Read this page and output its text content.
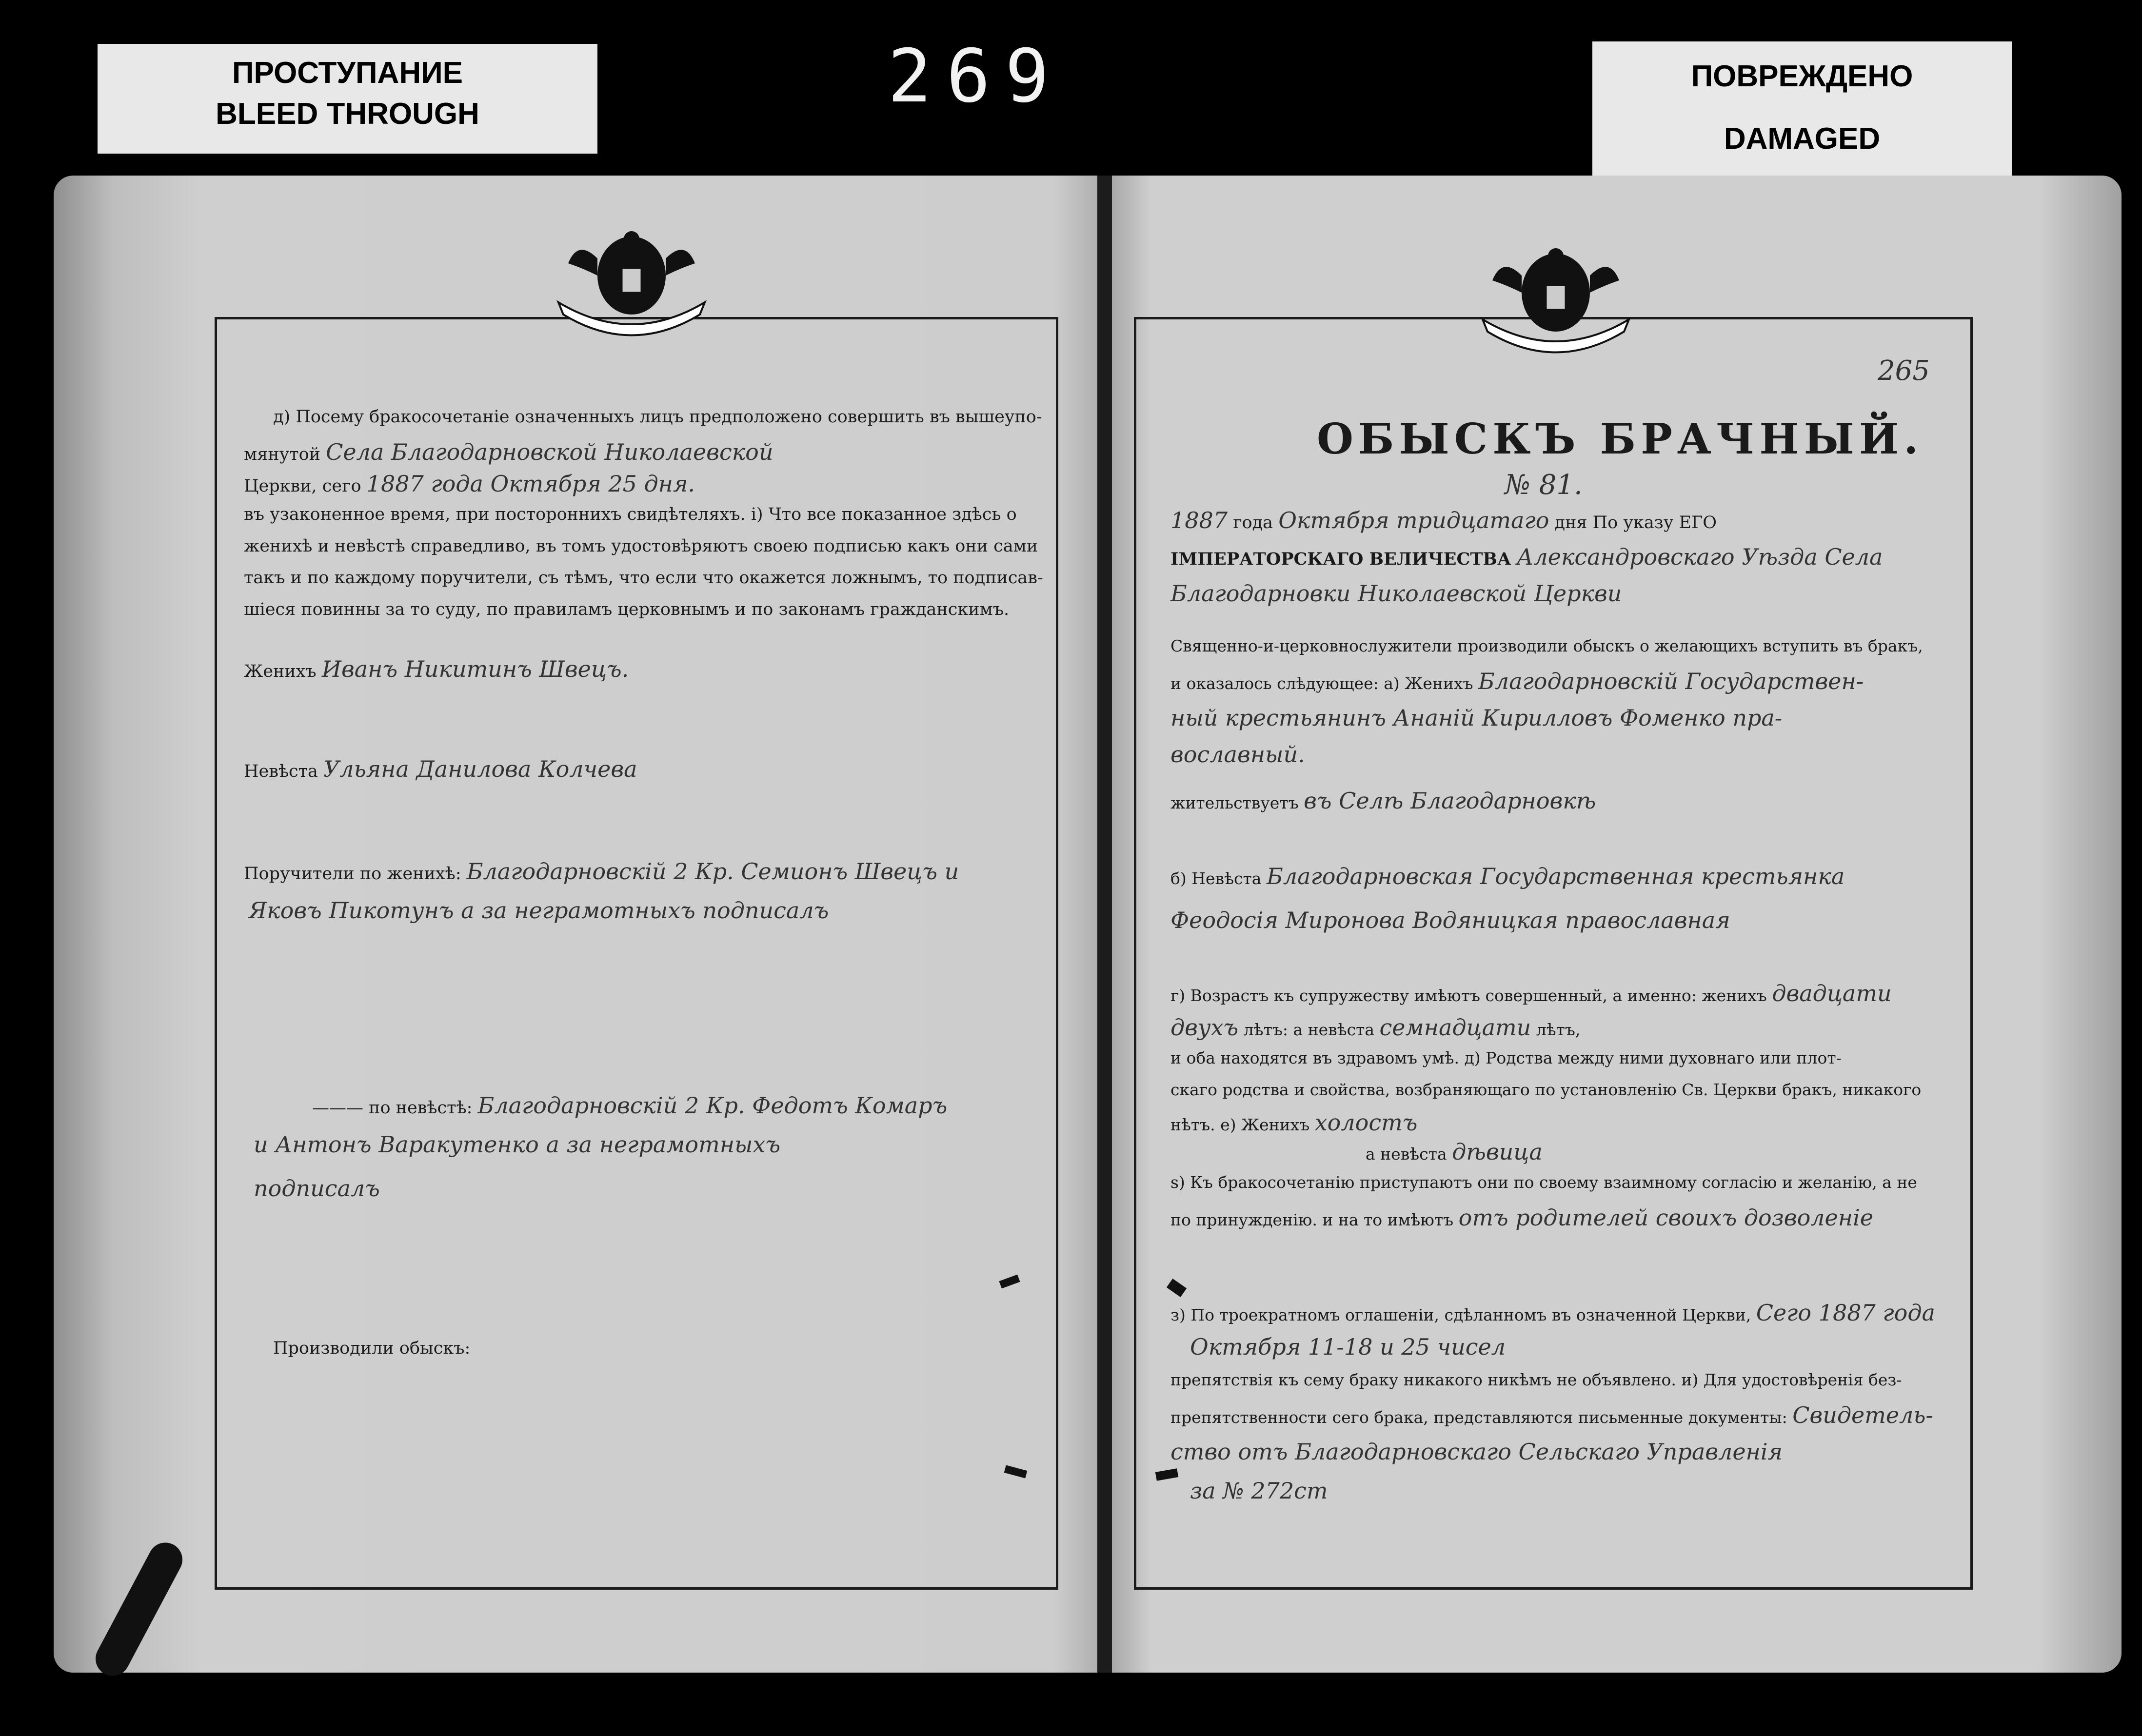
ПРОСТУПАНИЕ
BLEED THROUGH	269	ПОВРЕЖДЕНО
DAMAGED
д) Посему бракосочетаніе означенныхъ лицъ предположено совершить въ вышеупо-
мянутой Села Благодарновской Николаевской
Церкви, сего 1887 года Октября 25 дня.
въ узаконенное время, при постороннихъ свидѣтеляхъ. і) Что все показанное здѣсь о
женихѣ и невѣстѣ справедливо, въ томъ удостовѣряютъ своею подписью какъ они сами
такъ и по каждому поручители, съ тѣмъ, что если что окажется ложнымъ, то подписав-
шіеся повинны за то суду, по правиламъ церковнымъ и по законамъ гражданскимъ.
Женихъ Иванъ Никитинъ Швецъ.
Невѣста Ульяна Данилова Колчева
Поручители по женихѣ: Благодарновскій 2 Кр. Семионъ Швецъ и
Яковъ Пикотунъ а за неграмотныхъ подписалъ
——— по невѣстѣ: Благодарновскій 2 Кр. Федотъ Комаръ
и Антонъ Варакутенко а за неграмотныхъ
подписалъ
Производили обыскъ:
265
ОБЫСКЪ БРАЧНЫЙ.
№ 81.
1887 года Октября тридцатаго дня По указу ЕГО
ІМПЕРАТОРСКАГО ВЕЛИЧЕСТВА Александровскаго Уѣзда Села
Благодарновки Николаевской Церкви
Священно-и-церковнослужители производили обыскъ о желающихъ вступить въ бракъ,
и оказалось слѣдующее: а) Женихъ Благодарновскій Государствен-
ный крестьянинъ Ананій Кирилловъ Фоменко пра-
вославный.
жительствуетъ въ Селѣ Благодарновкѣ
б) Невѣста Благодарновская Государственная крестьянка
Феодосія Миронова Водяницкая православная
г) Возрастъ къ супружеству имѣютъ совершенный, а именно: женихъ двадцати
двухъ лѣтъ: а невѣста семнадцати лѣтъ,
и оба находятся въ здравомъ умѣ. д) Родства между ними духовнаго или плот-
скаго родства и свойства, возбраняющаго по установленію Св. Церкви бракъ, никакого
нѣтъ. е) Женихъ холостъ
а невѣста дѣвица
ѕ) Къ бракосочетанію приступаютъ они по своему взаимному согласію и желанію, а не
по принужденію. и на то имѣютъ отъ родителей своихъ дозволеніе
з) По троекратномъ оглашеніи, сдѣланномъ въ означенной Церкви, Сего 1887 года
Октября 11-18 и 25 чисел
препятствія къ сему браку никакого никѣмъ не объявлено. и) Для удостовѣренія без-
препятственности сего брака, представляются письменные документы: Свидетель-
ство отъ Благодарновскаго Сельскаго Управленія
за № 272ст
